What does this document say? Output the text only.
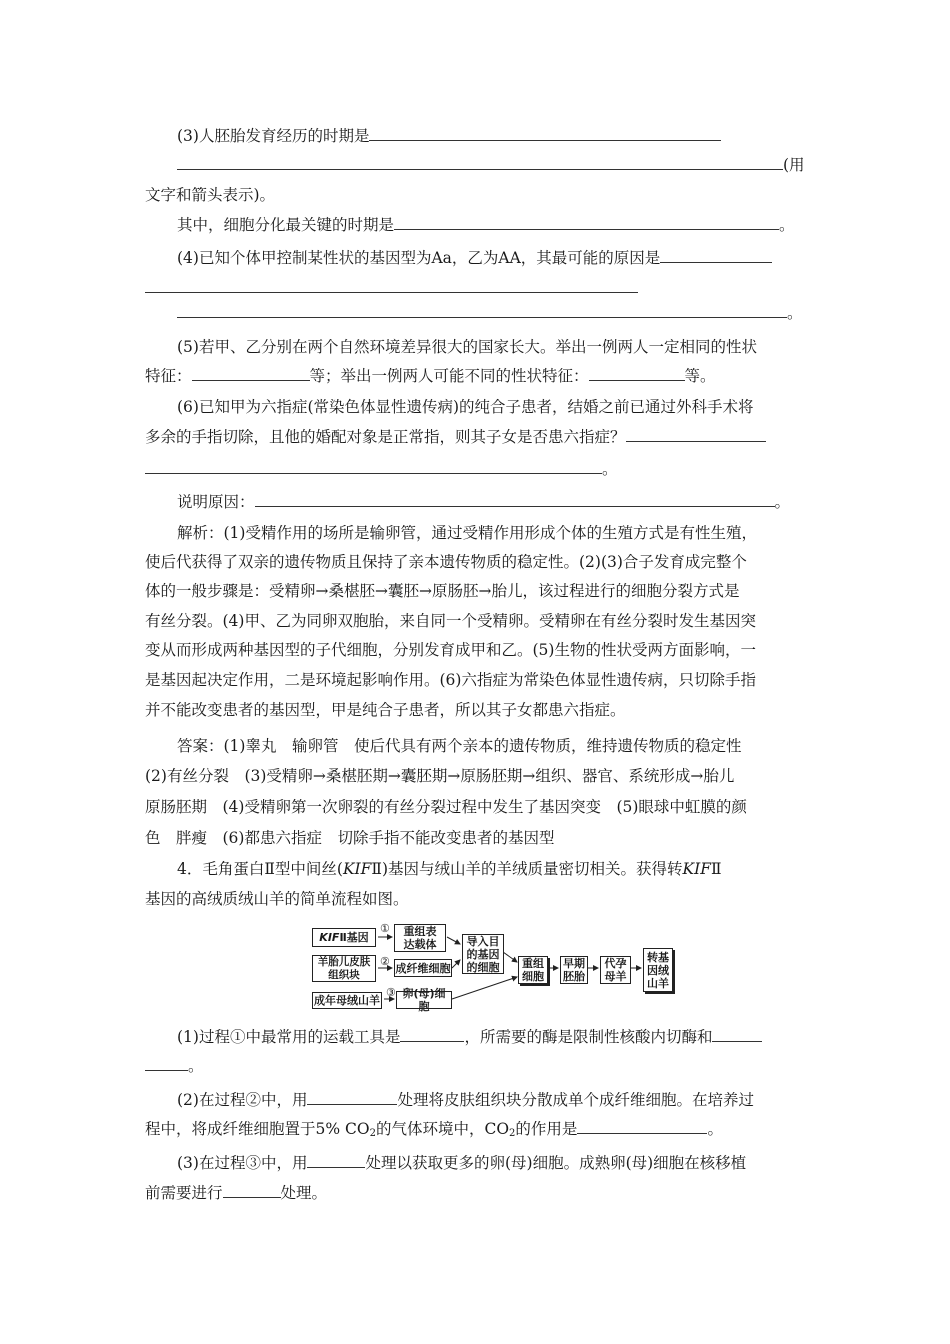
(3)人胚胎发育经历的时期是
(用
文字和箭头表示)。
其中，细胞分化最关键的时期是	。
(4)已知个体甲控制某性状的基因型为Aa，乙为AA，其最可能的原因是
。
(5)若甲、乙分别在两个自然环境差异很大的国家长大。举出一例两人一定相同的性状
特征：	等；举出一例两人可能不同的性状特征：	等。
(6)已知甲为六指症(常染色体显性遗传病)的纯合子患者，结婚之前已通过外科手术将
多余的手指切除，且他的婚配对象是正常指，则其子女是否患六指症？
。
说明原因：	。
解析：(1)受精作用的场所是输卵管，通过受精作用形成个体的生殖方式是有性生殖，
使后代获得了双亲的遗传物质且保持了亲本遗传物质的稳定性。(2)(3)合子发育成完整个
体的一般步骤是：受精卵→桑椹胚→囊胚→原肠胚→胎儿，该过程进行的细胞分裂方式是
有丝分裂。(4)甲、乙为同卵双胞胎，来自同一个受精卵。受精卵在有丝分裂时发生基因突
变从而形成两种基因型的子代细胞，分别发育成甲和乙。(5)生物的性状受两方面影响，一
是基因起决定作用，二是环境起影响作用。(6)六指症为常染色体显性遗传病，只切除手指
并不能改变患者的基因型，甲是纯合子患者，所以其子女都患六指症。
答案：(1)睾丸　输卵管　使后代具有两个亲本的遗传物质，维持遗传物质的稳定性
(2)有丝分裂　(3)受精卵→桑椹胚期→囊胚期→原肠胚期→组织、器官、系统形成→胎儿
原肠胚期　(4)受精卵第一次卵裂的有丝分裂过程中发生了基因突变　(5)眼球中虹膜的颜
色　胖瘦　(6)都患六指症　切除手指不能改变患者的基因型
4．毛角蛋白Ⅱ型中间丝(KIFⅡ)基因与绒山羊的羊绒质量密切相关。获得转KIFⅡ
基因的高绒质绒山羊的简单流程如图。
KIF Ⅱ基因
羊胎儿皮肤组织块
成年母绒山羊
①
②
③
重组表达载体
成纤维细胞
卵(母)细胞
导入目的基因的细胞	重组细胞
早期胚胎
代孕母羊
转基因绒山羊
(1)过程①中最常用的运载工具是	，所需要的酶是限制性核酸内切酶和
。
(2)在过程②中，用	处理将皮肤组织块分散成单个成纤维细胞。在培养过
程中，将成纤维细胞置于5% $CO_2$的气体环境中，$CO_2$的作用是	。
(3)在过程③中，用	处理以获取更多的卵(母)细胞。成熟卵(母)细胞在核移植
前需要进行	处理。
